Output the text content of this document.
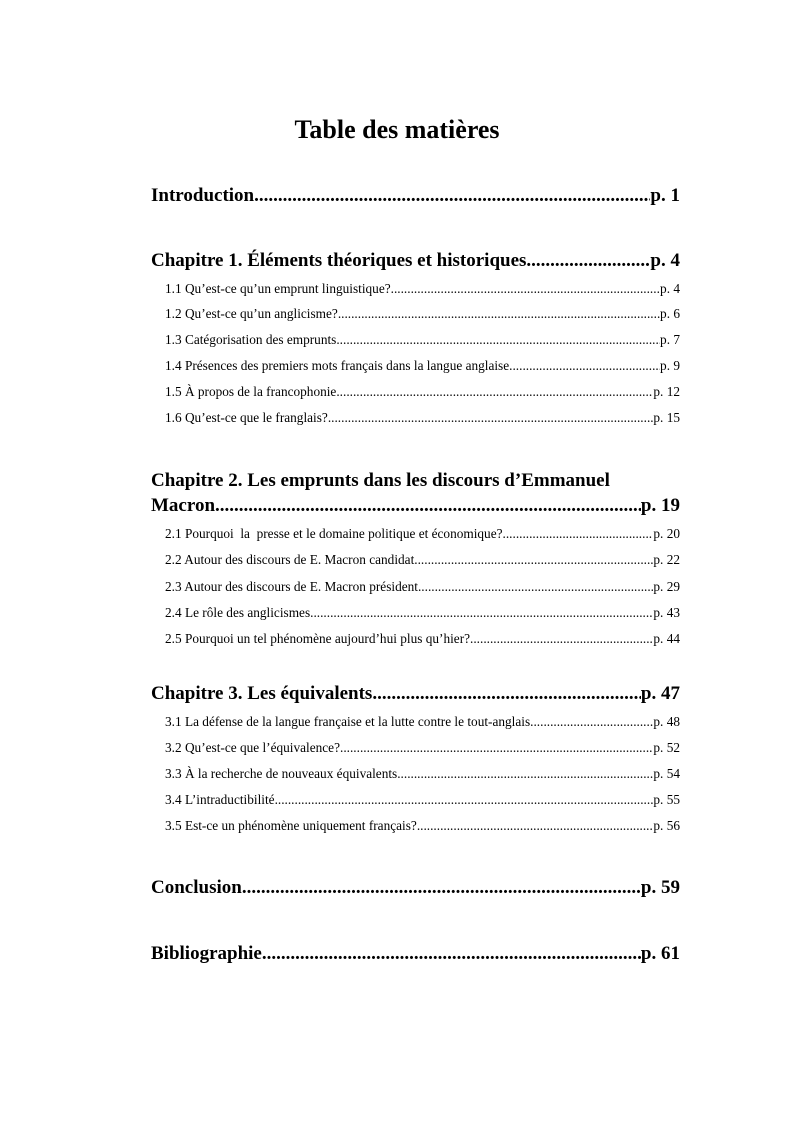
Table des matières
Introduction .....	p. 1
Chapitre 1. Éléments théoriques et historiques .....	p. 4
1.1 Qu’est-ce qu’un emprunt linguistique? .....	p. 4
1.2 Qu’est-ce qu’un anglicisme? .....	p. 6
1.3 Catégorisation des emprunts .....	p. 7
1.4 Présences des premiers mots français dans la langue anglaise .....	p. 9
1.5 À propos de la francophonie .....	p. 12
1.6 Qu’est-ce que le franglais? .....	p. 15
Chapitre 2. Les emprunts dans les discours d’Emmanuel
Macron .....	p. 19
2.1 Pourquoi  la  presse et le domaine politique et économique? .....	p. 20
2.2 Autour des discours de E. Macron candidat .....	p. 22
2.3 Autour des discours de E. Macron président .....	p. 29
2.4 Le rôle des anglicismes .....	p. 43
2.5 Pourquoi un tel phénomène aujourd’hui plus qu’hier? .....	p. 44
Chapitre 3. Les équivalents .....	p. 47
3.1 La défense de la langue française et la lutte contre le tout-anglais .....	p. 48
3.2 Qu’est-ce que l’équivalence? .....	p. 52
3.3 À la recherche de nouveaux équivalents .....	p. 54
3.4 L’intraductibilité .....	p. 55
3.5 Est-ce un phénomène uniquement français? .....	p. 56
Conclusion .....	p. 59
Bibliographie .....	p. 61
